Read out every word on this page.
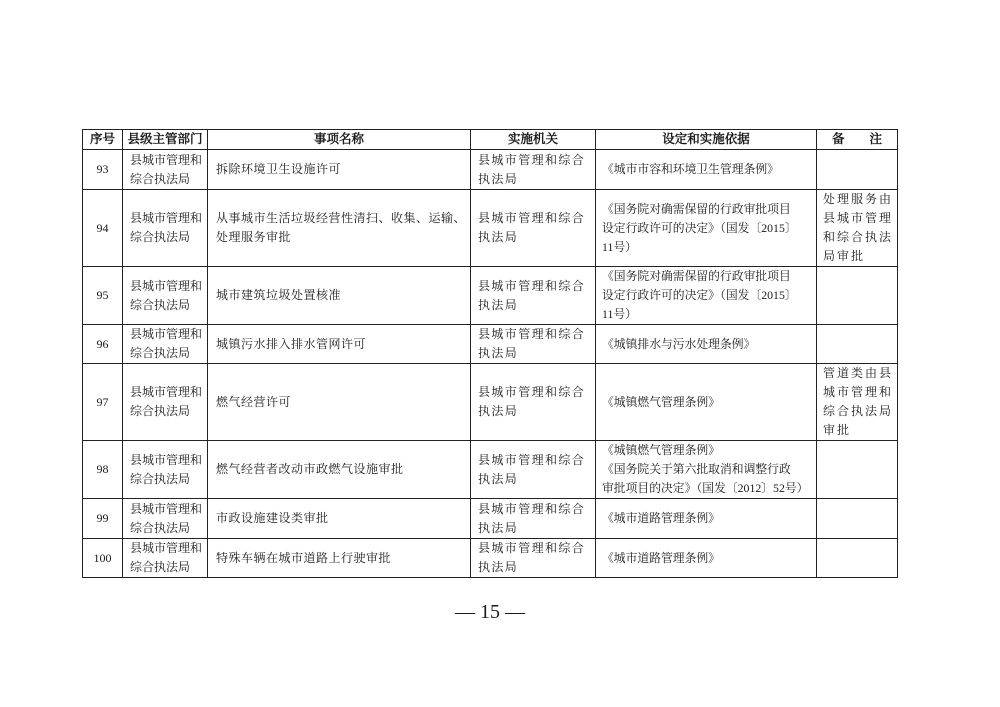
序号	县级主管部门	事项名称	实施机关	设定和实施依据	备　　注
93	县城市管理和
综合执法局	拆除环境卫生设施许可	县城市管理和综合
执法局	《城市市容和环境卫生管理条例》	

94	县城市管理和
综合执法局	从事城市生活垃圾经营性清扫、收集、运输、
处理服务审批	县城市管理和综合
执法局	《国务院对确需保留的行政审批项目
设定行政许可的决定》（国发〔2015〕
11号）	处理服务由
县城市管理
和综合执法
局审批

95	县城市管理和
综合执法局	城市建筑垃圾处置核准	县城市管理和综合
执法局	《国务院对确需保留的行政审批项目
设定行政许可的决定》（国发〔2015〕
11号）	

96	县城市管理和
综合执法局	城镇污水排入排水管网许可	县城市管理和综合
执法局	《城镇排水与污水处理条例》	

97	县城市管理和
综合执法局	燃气经营许可	县城市管理和综合
执法局	《城镇燃气管理条例》	管道类由县
城市管理和
综合执法局
审批

98	县城市管理和
综合执法局	燃气经营者改动市政燃气设施审批	县城市管理和综合
执法局	《城镇燃气管理条例》
《国务院关于第六批取消和调整行政
审批项目的决定》（国发〔2012〕52号）	

99	县城市管理和
综合执法局	市政设施建设类审批	县城市管理和综合
执法局	《城市道路管理条例》	

100	县城市管理和
综合执法局	特殊车辆在城市道路上行驶审批	县城市管理和综合
执法局	《城市道路管理条例》	

— 15 —
